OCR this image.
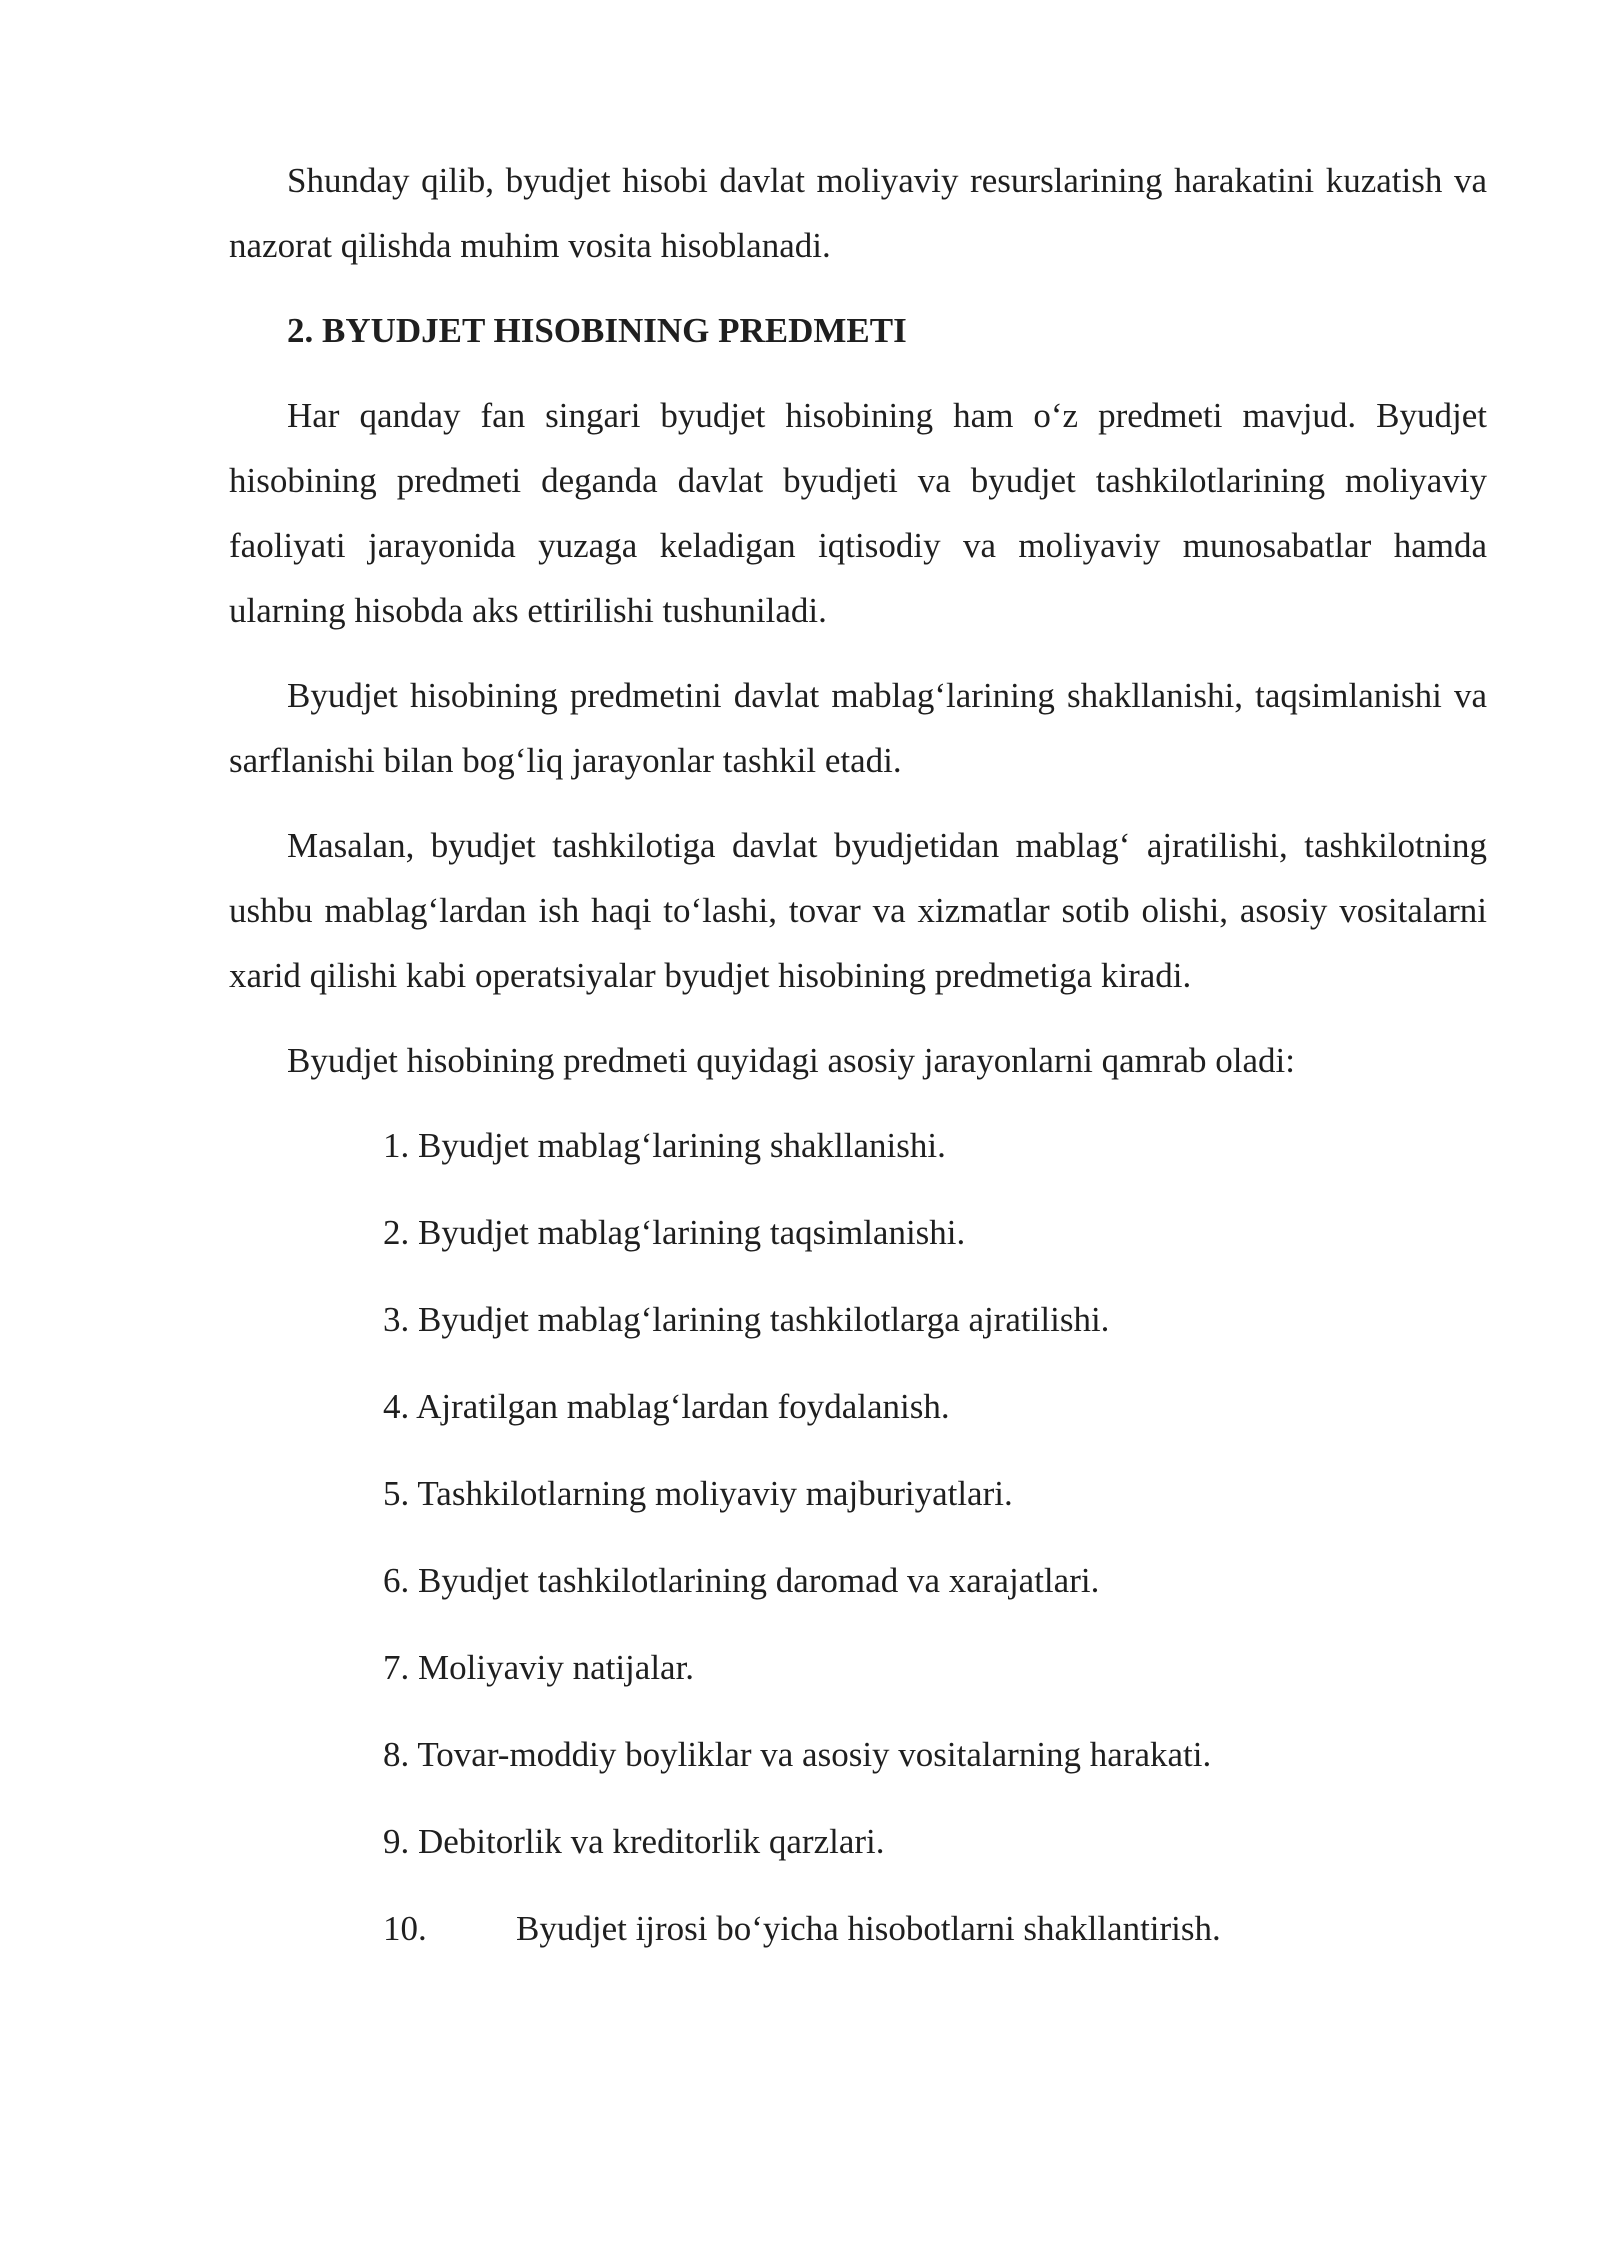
Shunday qilib, byudjet hisobi davlat moliyaviy resurslarining harakatini kuzatish va nazorat qilishda muhim vosita hisoblanadi.

2. BYUDJET HISOBINING PREDMETI

Har qanday fan singari byudjet hisobining ham o‘z predmeti mavjud. Byudjet hisobining predmeti deganda davlat byudjeti va byudjet tashkilotlarining moliyaviy faoliyati jarayonida yuzaga keladigan iqtisodiy va moliyaviy munosabatlar hamda ularning hisobda aks ettirilishi tushuniladi.

Byudjet hisobining predmetini davlat mablag‘larining shakllanishi, taqsimlanishi va sarflanishi bilan bog‘liq jarayonlar tashkil etadi.

Masalan, byudjet tashkilotiga davlat byudjetidan mablag‘ ajratilishi, tashkilotning ushbu mablag‘lardan ish haqi to‘lashi, tovar va xizmatlar sotib olishi, asosiy vositalarni xarid qilishi kabi operatsiyalar byudjet hisobining predmetiga kiradi.

Byudjet hisobining predmeti quyidagi asosiy jarayonlarni qamrab oladi:

1. Byudjet mablag‘larining shakllanishi.
2. Byudjet mablag‘larining taqsimlanishi.
3. Byudjet mablag‘larining tashkilotlarga ajratilishi.
4. Ajratilgan mablag‘lardan foydalanish.
5. Tashkilotlarning moliyaviy majburiyatlari.
6. Byudjet tashkilotlarining daromad va xarajatlari.
7. Moliyaviy natijalar.
8. Tovar-moddiy boyliklar va asosiy vositalarning harakati.
9. Debitorlik va kreditorlik qarzlari.
10.	Byudjet ijrosi bo‘yicha hisobotlarni shakllantirish.
